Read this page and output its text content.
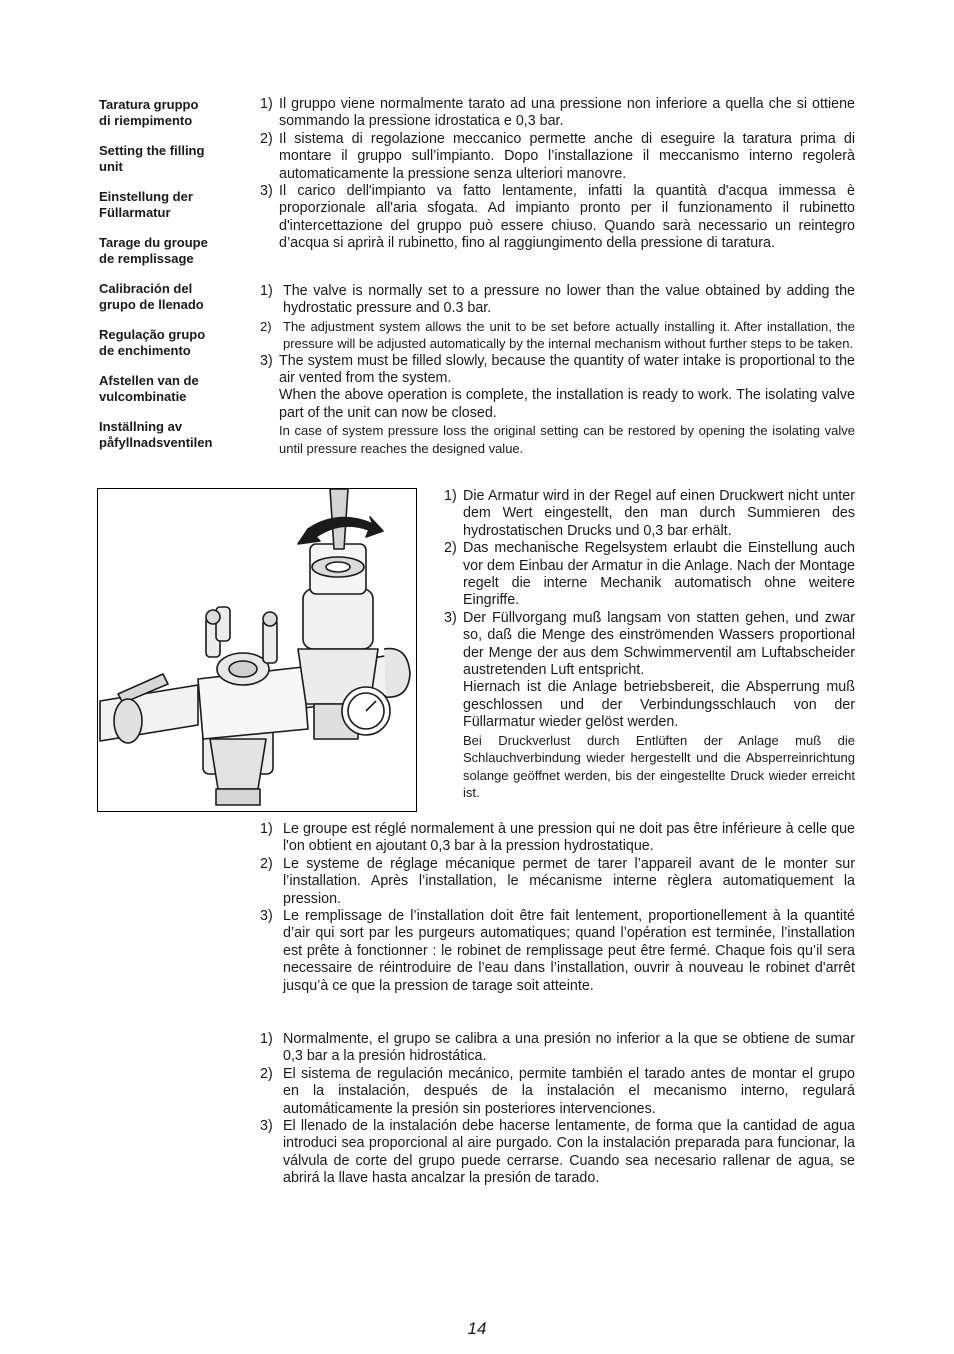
Taratura gruppo
di riempimento
Setting the filling
unit
Einstellung der
Füllarmatur
Tarage du groupe
de remplissage
Calibración del
grupo de llenado
Regulação grupo
de enchimento
Afstellen van de
vulcombinatie
Inställning av
påfyllnadsventilen
1) Il gruppo viene normalmente tarato ad una pressione non inferiore a quella che si ottiene sommando la pressione idrostatica e 0,3 bar.
2) Il sistema di regolazione meccanico permette anche di eseguire la taratura prima di montare il gruppo sull’impianto. Dopo l’installazione il meccanismo interno regolerà automaticamente la pressione senza ulteriori manovre.
3) Il carico dell'impianto va fatto lentamente, infatti la quantità d'acqua immessa è proporzionale all'aria sfogata. Ad impianto pronto per il funzionamento il rubinetto d'intercettazione del gruppo può essere chiuso. Quando sarà necessario un reintegro d’acqua si aprirà il rubinetto, fino al raggiungimento della pressione di taratura.
1) The valve is normally set to a pressure no lower than the value obtained by adding the hydrostatic pressure and 0.3 bar.
2) The adjustment system allows the unit to be set before actually installing it. After installation, the pressure will be adjusted automatically by the internal mechanism without further steps to be taken.
3) The system must be filled slowly, because the quantity of water intake is proportional to the air vented from the system.
When the above operation is complete, the installation is ready to work. The isolating valve part of the unit can now be closed.
In case of system pressure loss the original setting can be restored by opening the isolating valve until pressure reaches the designed value.
1) Die Armatur wird in der Regel auf einen Druckwert nicht unter dem Wert eingestellt, den man durch Summieren des hydrostatischen Drucks und 0,3 bar erhält.
2) Das mechanische Regelsystem erlaubt die Einstellung auch vor dem Einbau der Armatur in die Anlage. Nach der Montage regelt die interne Mechanik automatisch ohne weitere Eingriffe.
3) Der Füllvorgang muß langsam von statten gehen, und zwar so, daß die Menge des einströmenden Wassers proportional der Menge der aus dem Schwimmerventil am Luftabscheider austretenden Luft entspricht.
Hiernach ist die Anlage betriebsbereit, die Absperrung muß geschlossen und der Verbindungsschlauch von der Füllarmatur wieder gelöst werden.
Bei Druckverlust durch Entlüften der Anlage muß die Schlauchverbindung wieder hergestellt und die Absperreinrichtung solange geöffnet werden, bis der eingestellte Druck wieder erreicht ist.
1) Le groupe est réglé normalement à une pression qui ne doit pas être inférieure à celle que l'on obtient en ajoutant 0,3 bar à la pression hydrostatique.
2) Le systeme de réglage mécanique permet de tarer l’appareil avant de le monter sur l’installation. Après l’installation, le mécanisme interne règlera automatiquement la pression.
3) Le remplissage de l’installation doit être fait lentement, proportionellement à la quantité d’air qui sort par les purgeurs automatiques; quand l’opération est terminée, l’installation est prête à fonctionner : le robinet de remplissage peut être fermé. Chaque fois qu’il sera necessaire de réintroduire de l’eau dans l’installation, ouvrir à nouveau le robinet d'arrêt jusqu’à ce que la pression de tarage soit atteinte.
1) Normalmente, el grupo se calibra a una presión no inferior a la que se obtiene de sumar 0,3 bar a la presión hidrostática.
2) El sistema de regulación mecánico, permite también el tarado antes de montar el grupo en la instalación, después de la instalación el mecanismo interno, regulará automáticamente la presión sin posteriores intervenciones.
3) El llenado de la instalación debe hacerse lentamente, de forma que la cantidad de agua introduci sea proporcional al aire purgado. Con la instalación preparada para funcionar, la válvula de corte del grupo puede cerrarse. Cuando sea necesario rallenar de agua, se abrirá la llave hasta ancalzar la presión de tarado.
14
